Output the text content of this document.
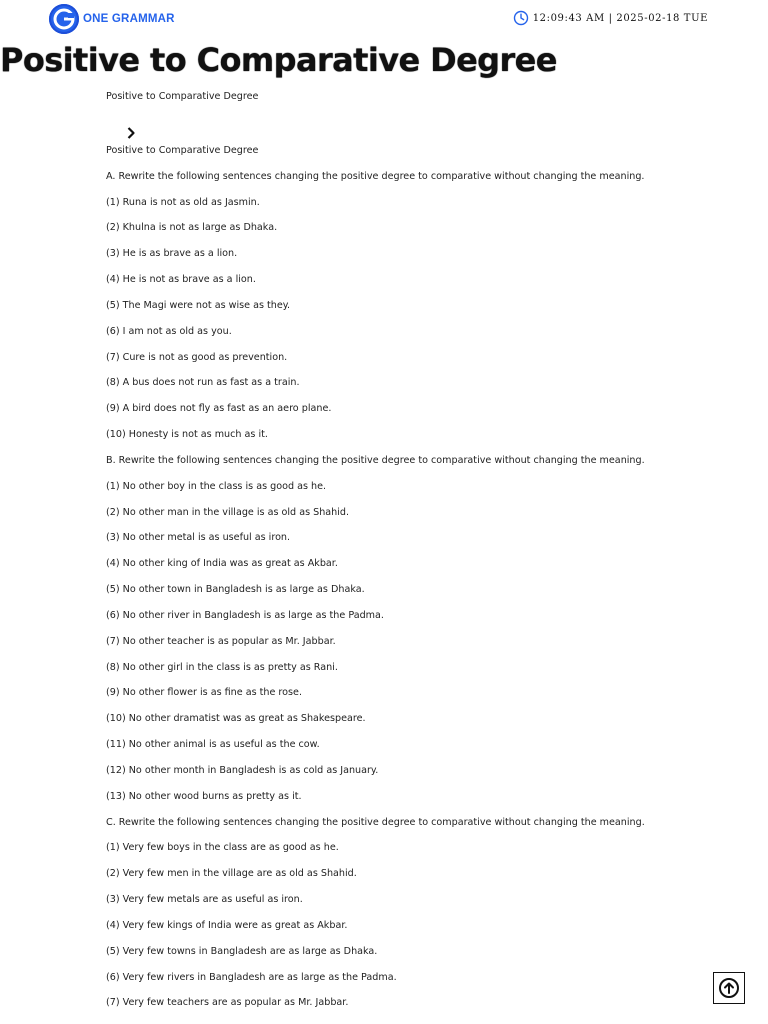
ONE GRAMMAR	12:09:43 AM | 2025-02-18 TUE
Positive to Comparative Degree

Positive to Comparative Degree

Positive to Comparative Degree

A. Rewrite the following sentences changing the positive degree to comparative without changing the meaning.

(1) Runa is not as old as Jasmin.

(2) Khulna is not as large as Dhaka.

(3) He is as brave as a lion.

(4) He is not as brave as a lion.

(5) The Magi were not as wise as they.

(6) I am not as old as you.

(7) Cure is not as good as prevention.

(8) A bus does not run as fast as a train.

(9) A bird does not fly as fast as an aero plane.

(10) Honesty is not as much as it.

B. Rewrite the following sentences changing the positive degree to comparative without changing the meaning.

(1) No other boy in the class is as good as he.

(2) No other man in the village is as old as Shahid.

(3) No other metal is as useful as iron.

(4) No other king of India was as great as Akbar.

(5) No other town in Bangladesh is as large as Dhaka.

(6) No other river in Bangladesh is as large as the Padma.

(7) No other teacher is as popular as Mr. Jabbar.

(8) No other girl in the class is as pretty as Rani.

(9) No other flower is as fine as the rose.

(10) No other dramatist was as great as Shakespeare.

(11) No other animal is as useful as the cow.

(12) No other month in Bangladesh is as cold as January.

(13) No other wood burns as pretty as it.

C. Rewrite the following sentences changing the positive degree to comparative without changing the meaning.

(1) Very few boys in the class are as good as he.

(2) Very few men in the village are as old as Shahid.

(3) Very few metals are as useful as iron.

(4) Very few kings of India were as great as Akbar.

(5) Very few towns in Bangladesh are as large as Dhaka.

(6) Very few rivers in Bangladesh are as large as the Padma.

(7) Very few teachers are as popular as Mr. Jabbar.
